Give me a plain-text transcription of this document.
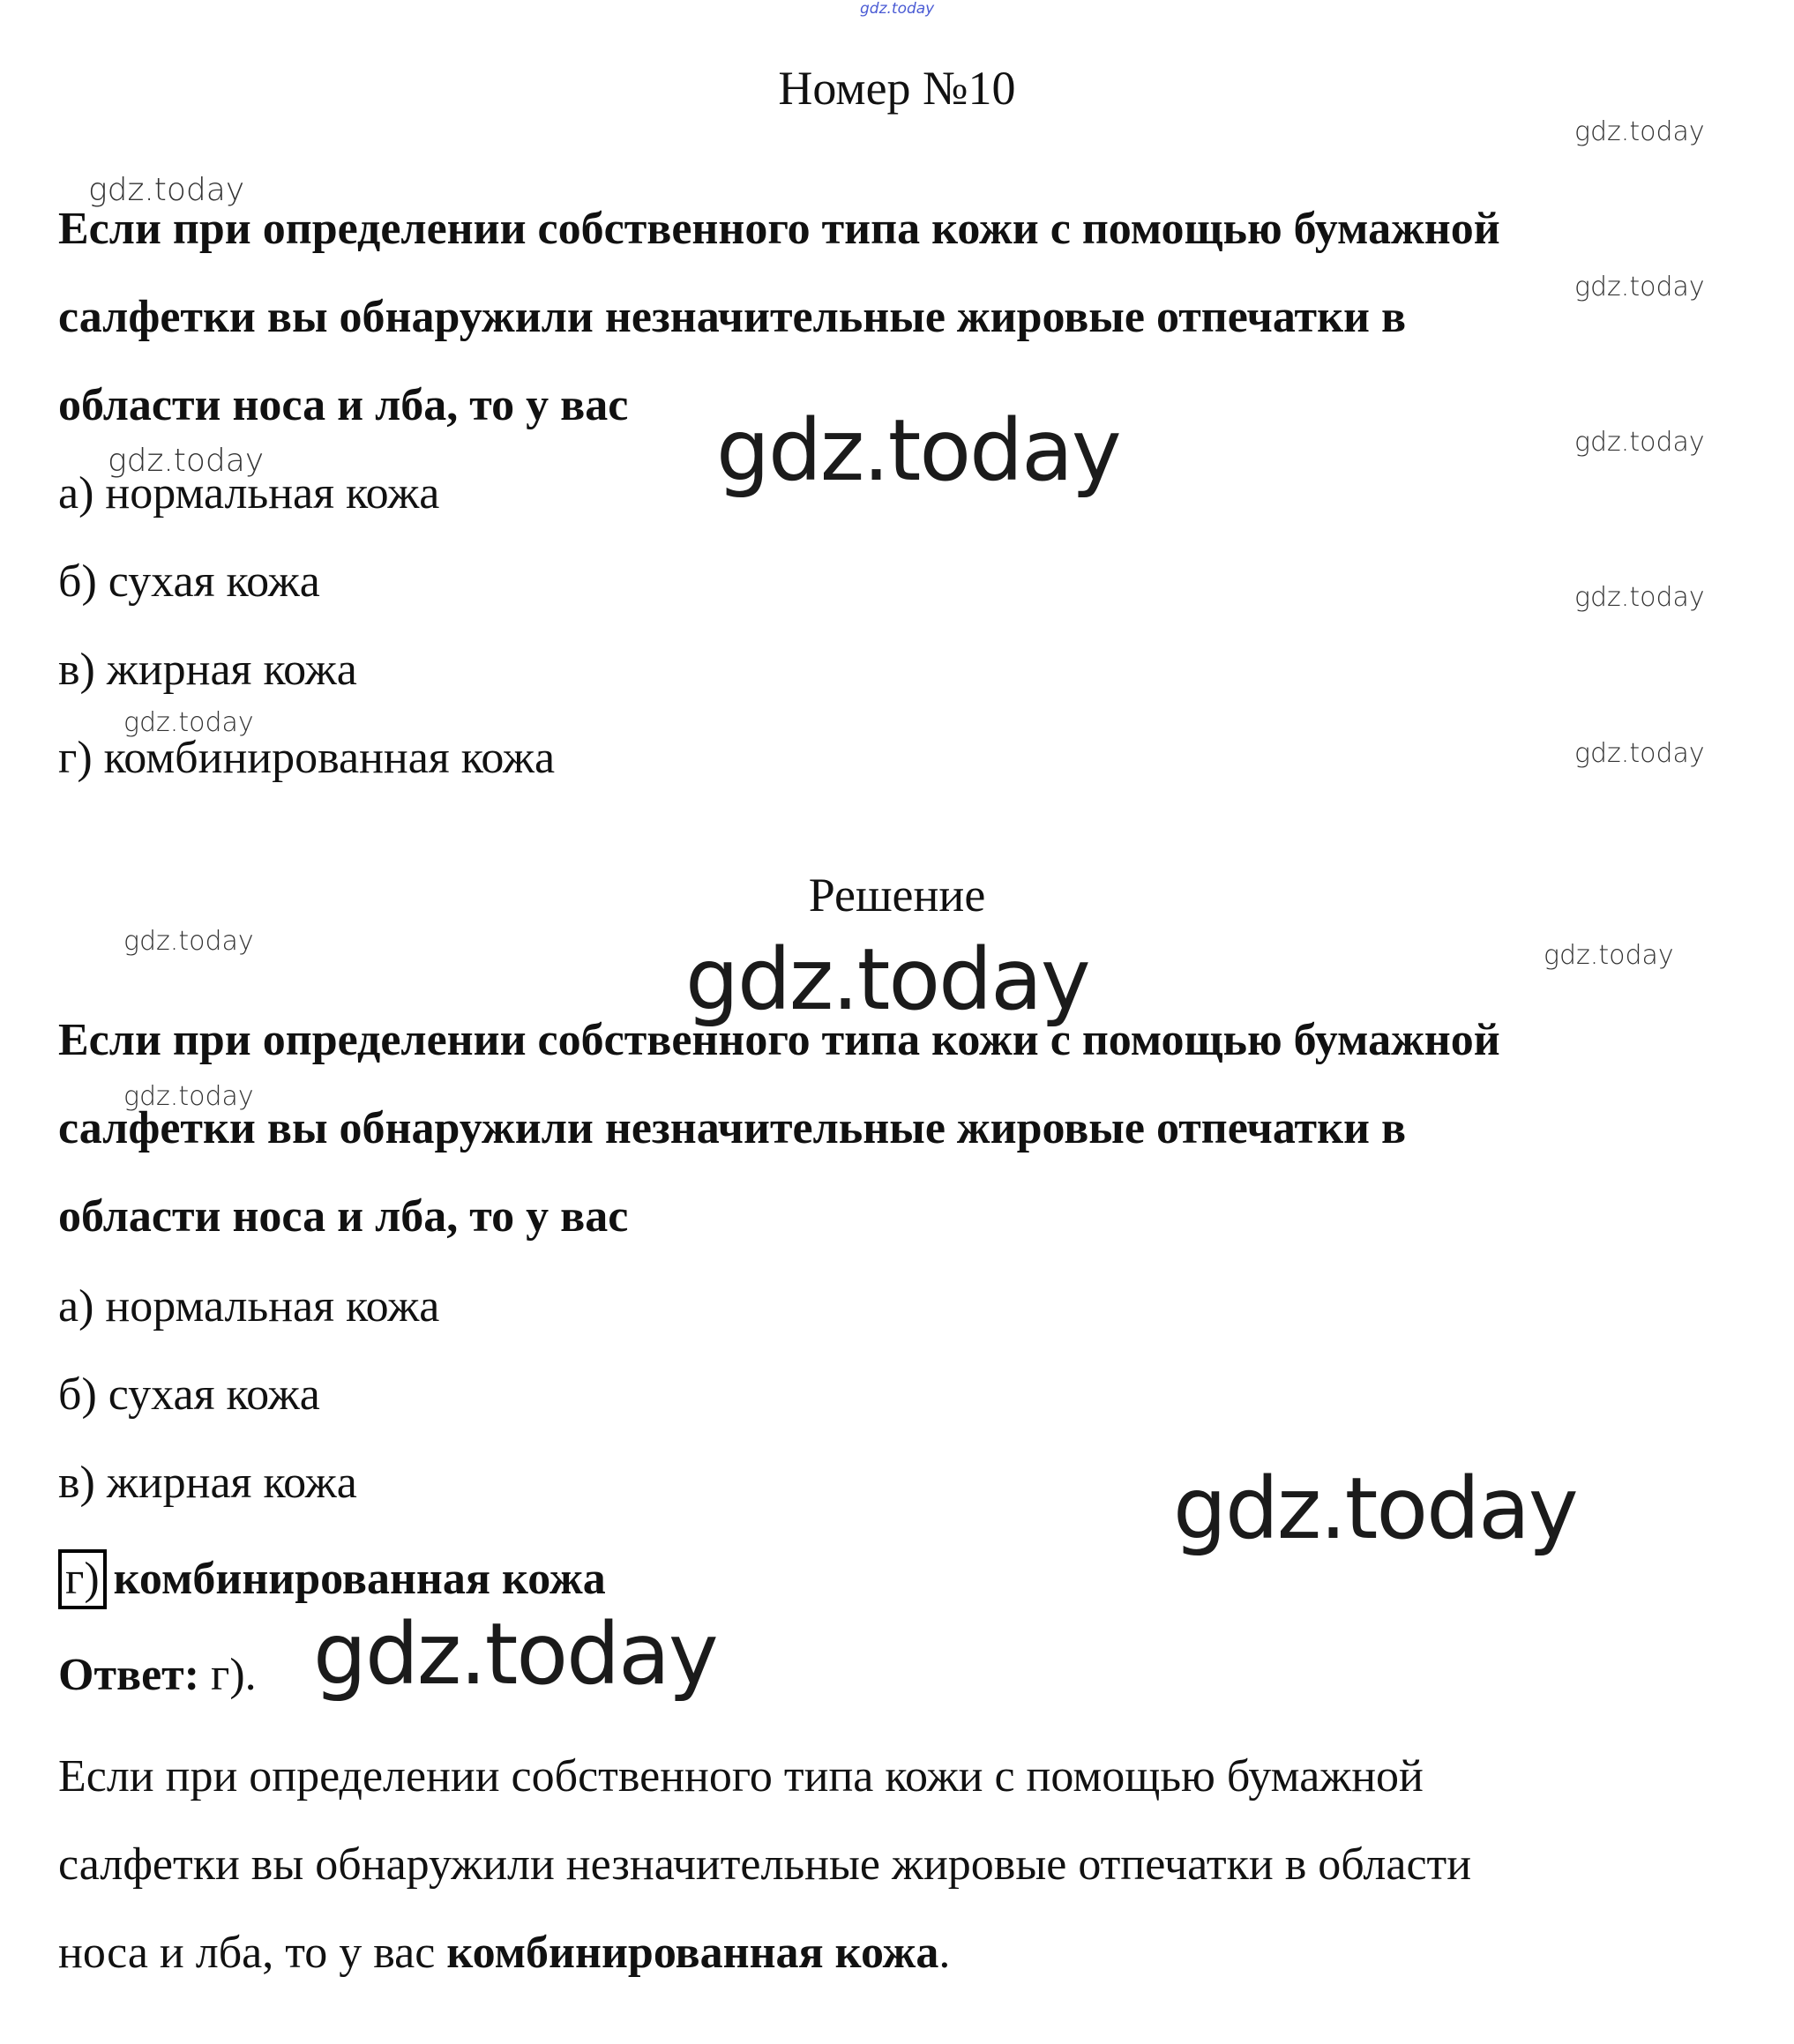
gdz.today
Номер №10
Если при определении собственного типа кожи с помощью бумажной
салфетки вы обнаружили незначительные жировые отпечатки в
области носа и лба, то у вас
а) нормальная кожа
б) сухая кожа
в) жирная кожа
г) комбинированная кожа
Решение
Если при определении собственного типа кожи с помощью бумажной
салфетки вы обнаружили незначительные жировые отпечатки в
области носа и лба, то у вас
а) нормальная кожа
б) сухая кожа
в) жирная кожа
г) комбинированная кожа
Ответ: г).
Если при определении собственного типа кожи с помощью бумажной
салфетки вы обнаружили незначительные жировые отпечатки в области
носа и лба, то у вас комбинированная кожа.
gdz.today
gdz.today
gdz.today
gdz.today
gdz.today
gdz.today
gdz.today
gdz.today
gdz.today
gdz.today	gdz.today
gdz.today
gdz.today
gdz.today
gdz.today
